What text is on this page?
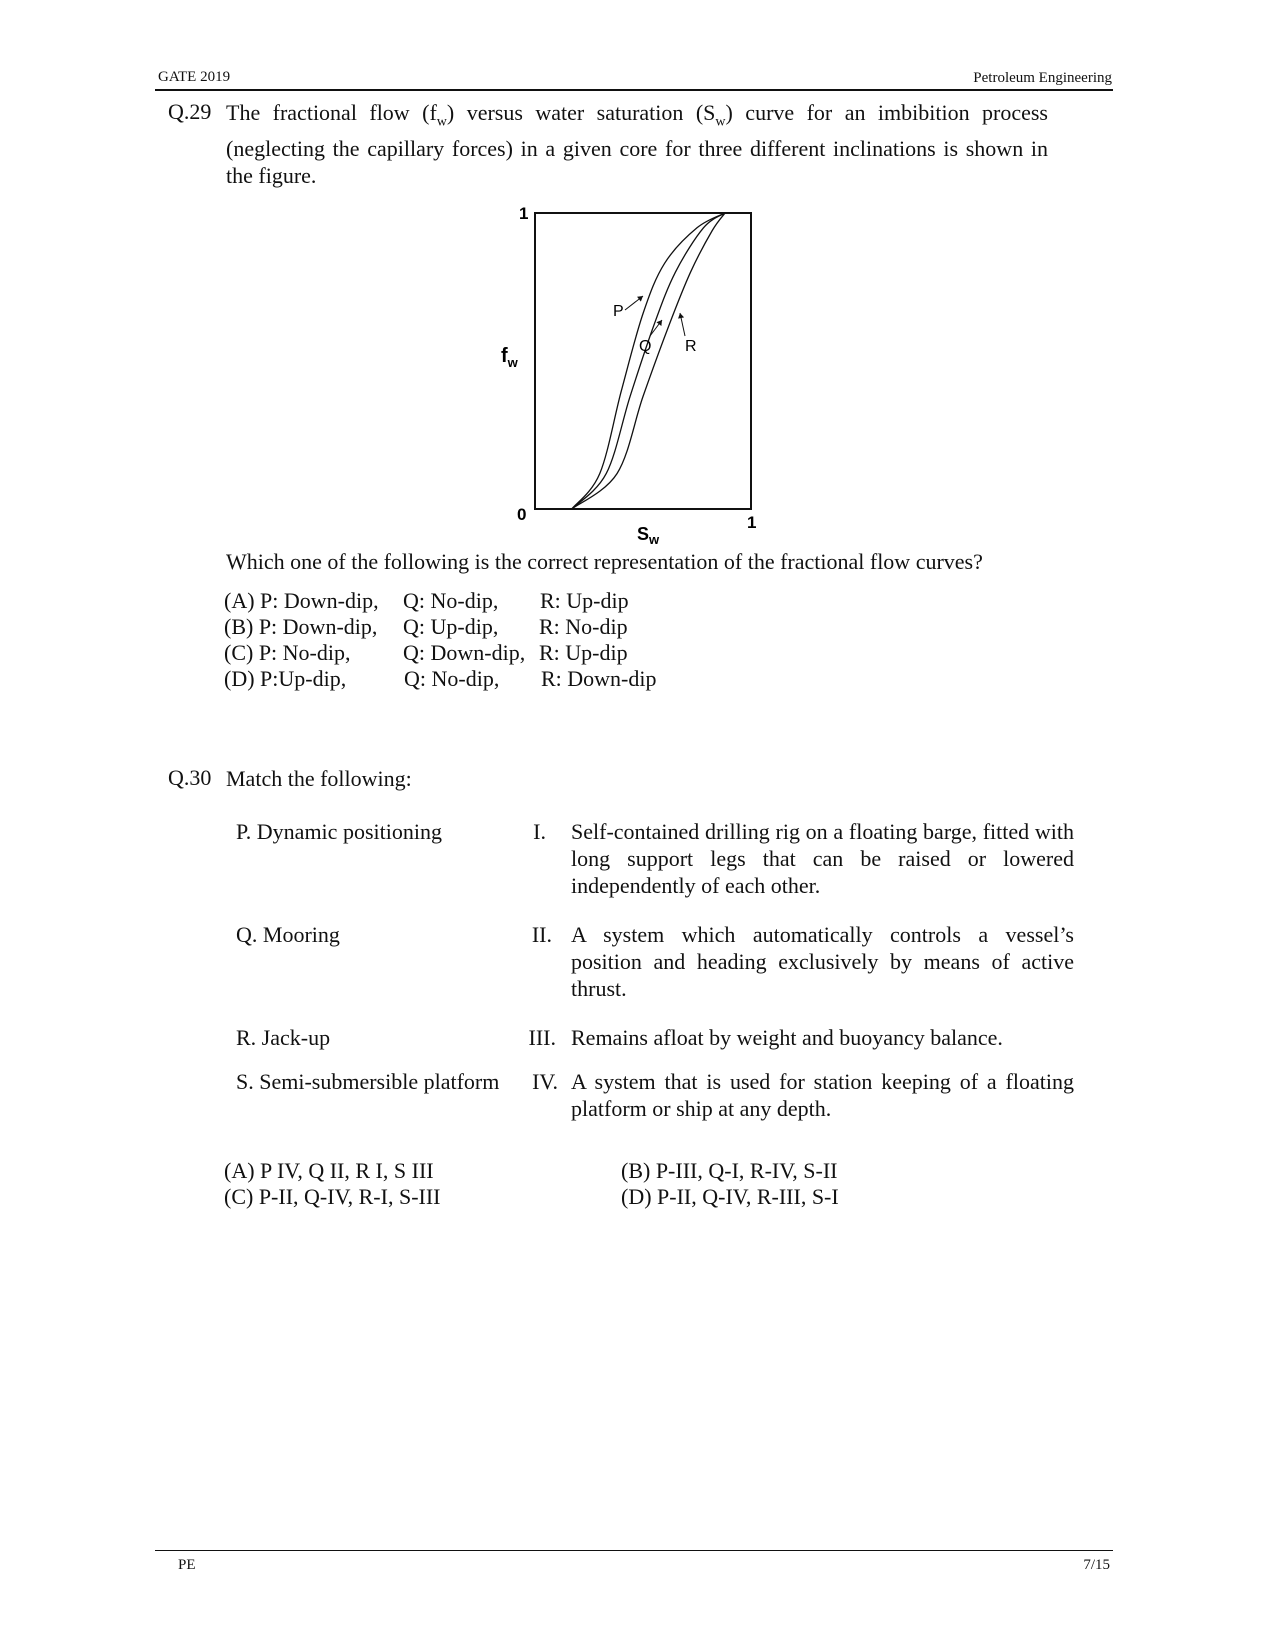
GATE 2019	Petroleum Engineering
Q.29 The fractional flow $(f_w)$ versus water saturation $(S_w)$ curve for an imbibition process (neglecting the capillary forces) in a given core for three different inclinations is shown in the figure.
1
0	1
$f_w$
$S_w$
P
Q R
Which one of the following is the correct representation of the fractional flow curves?
(A) P: Down-dip, Q: No-dip, R: Up-dip
(B) P: Down-dip, Q: Up-dip, R: No-dip
(C) P: No-dip, Q: Down-dip, R: Up-dip
(D) P:Up-dip,	Q: No-dip, R: Down-dip
Q.30 Match the following:
P. Dynamic positioning	I. Self-contained drilling rig on a floating barge, fitted with long support legs that can be raised or lowered independently of each other.
Q. Mooring	II. A system which automatically controls a vessel’s position and heading exclusively by means of active thrust.
R. Jack-up	III. Remains afloat by weight and buoyancy balance.
S. Semi-submersible platform	IV. A system that is used for station keeping of a floating platform or ship at any depth.
(A) P IV, Q II, R I, S III	(B) P-III, Q-I, R-IV, S-II
(C) P-II, Q-IV, R-I, S-III	(D) P-II, Q-IV, R-III, S-I
PE	7/15
